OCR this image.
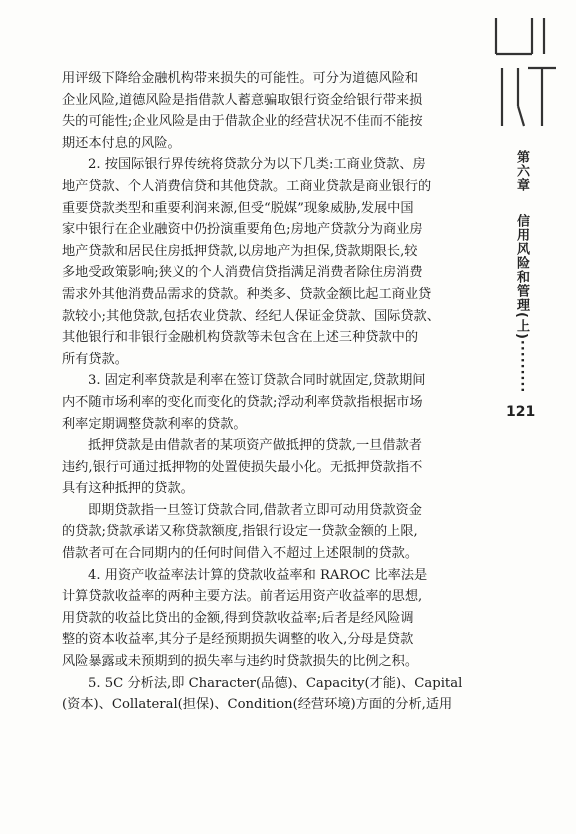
第六章
信用风险和管理(上)·········
121
用评级下降给金融机构带来损失的可能性。可分为道德风险和
企业风险,道德风险是指借款人蓄意骗取银行资金给银行带来损
失的可能性;企业风险是由于借款企业的经营状况不佳而不能按
期还本付息的风险。
2. 按国际银行界传统将贷款分为以下几类:工商业贷款、房
地产贷款、个人消费信贷和其他贷款。工商业贷款是商业银行的
重要贷款类型和重要利润来源,但受“脱媒”现象威胁,发展中国
家中银行在企业融资中仍扮演重要角色;房地产贷款分为商业房
地产贷款和居民住房抵押贷款,以房地产为担保,贷款期限长,较
多地受政策影响;狭义的个人消费信贷指满足消费者除住房消费
需求外其他消费品需求的贷款。种类多、贷款金额比起工商业贷
款较小;其他贷款,包括农业贷款、经纪人保证金贷款、国际贷款、
其他银行和非银行金融机构贷款等未包含在上述三种贷款中的
所有贷款。
3. 固定利率贷款是利率在签订贷款合同时就固定,贷款期间
内不随市场利率的变化而变化的贷款;浮动利率贷款指根据市场
利率定期调整贷款利率的贷款。
抵押贷款是由借款者的某项资产做抵押的贷款,一旦借款者
违约,银行可通过抵押物的处置使损失最小化。无抵押贷款指不
具有这种抵押的贷款。
即期贷款指一旦签订贷款合同,借款者立即可动用贷款资金
的贷款;贷款承诺又称贷款额度,指银行设定一贷款金额的上限,
借款者可在合同期内的任何时间借入不超过上述限制的贷款。
4. 用资产收益率法计算的贷款收益率和 RAROC 比率法是
计算贷款收益率的两种主要方法。前者运用资产收益率的思想,
用贷款的收益比贷出的金额,得到贷款收益率;后者是经风险调
整的资本收益率,其分子是经预期损失调整的收入,分母是贷款
风险暴露或未预期到的损失率与违约时贷款损失的比例之积。
5. 5C 分析法,即 Character(品德)、Capacity(才能)、Capital
(资本)、Collateral(担保)、Condition(经营环境)方面的分析,适用
